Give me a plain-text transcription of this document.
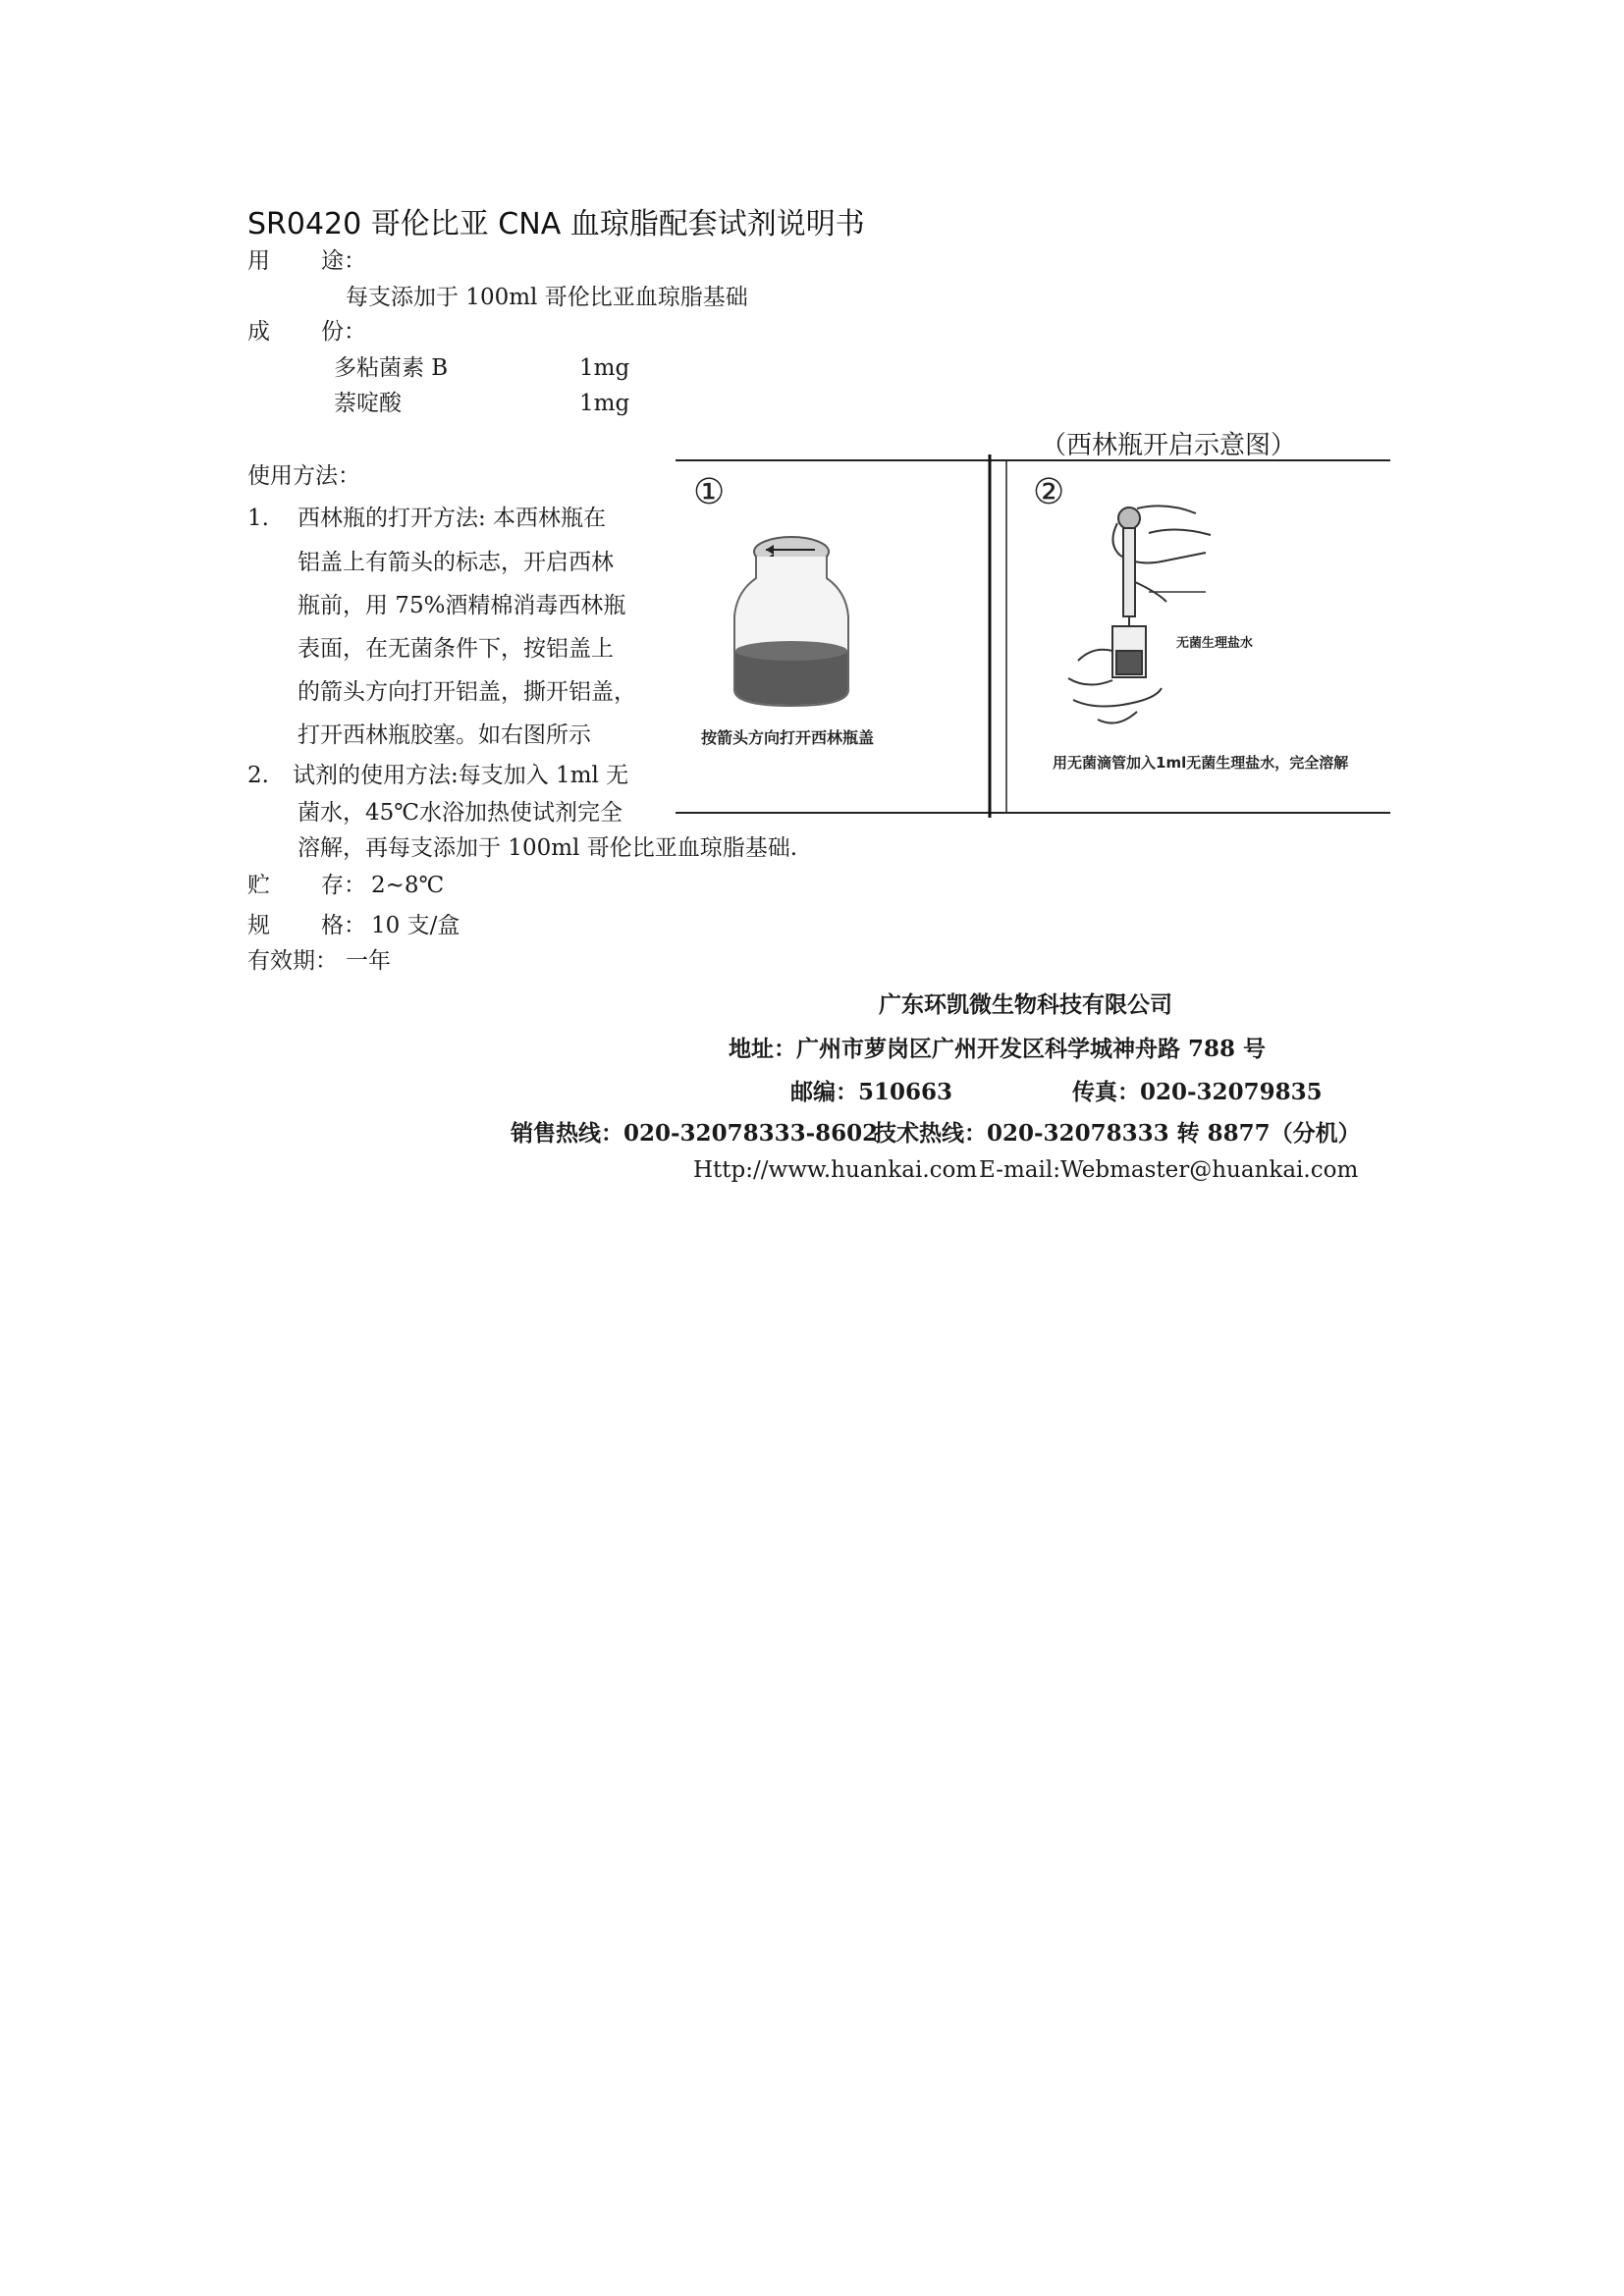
SR0420 哥伦比亚 CNA 血琼脂配套试剂说明书
用 途：
每支添加于 100ml 哥伦比亚血琼脂基础
成 份：
多粘菌素 B	1mg
萘啶酸	1mg
使用方法：
1. 西林瓶的打开方法: 本西林瓶在
铝盖上有箭头的标志，开启西林
瓶前，用 75%酒精棉消毒西林瓶
表面，在无菌条件下，按铝盖上
的箭头方向打开铝盖，撕开铝盖，
打开西林瓶胶塞。如右图所示
2. 试剂的使用方法:每支加入 1ml 无
菌水，45℃水浴加热使试剂完全
溶解，再每支添加于 100ml 哥伦比亚血琼脂基础.
贮 存： 2~8℃
规 格： 10 支/盒
有效期： 一年
（西林瓶开启示意图）
①
按箭头方向打开西林瓶盖
②
无菌生理盐水
用无菌滴管加入1ml无菌生理盐水，完全溶解
广东环凯微生物科技有限公司
地址：广州市萝岗区广州开发区科学城神舟路 788 号
邮编：510663	传真：020-32079835
销售热线：020-32078333-8602
技术热线：020-32078333 转 8877（分机）
Http://www.huankai.com E-mail:Webmaster@huankai.com
